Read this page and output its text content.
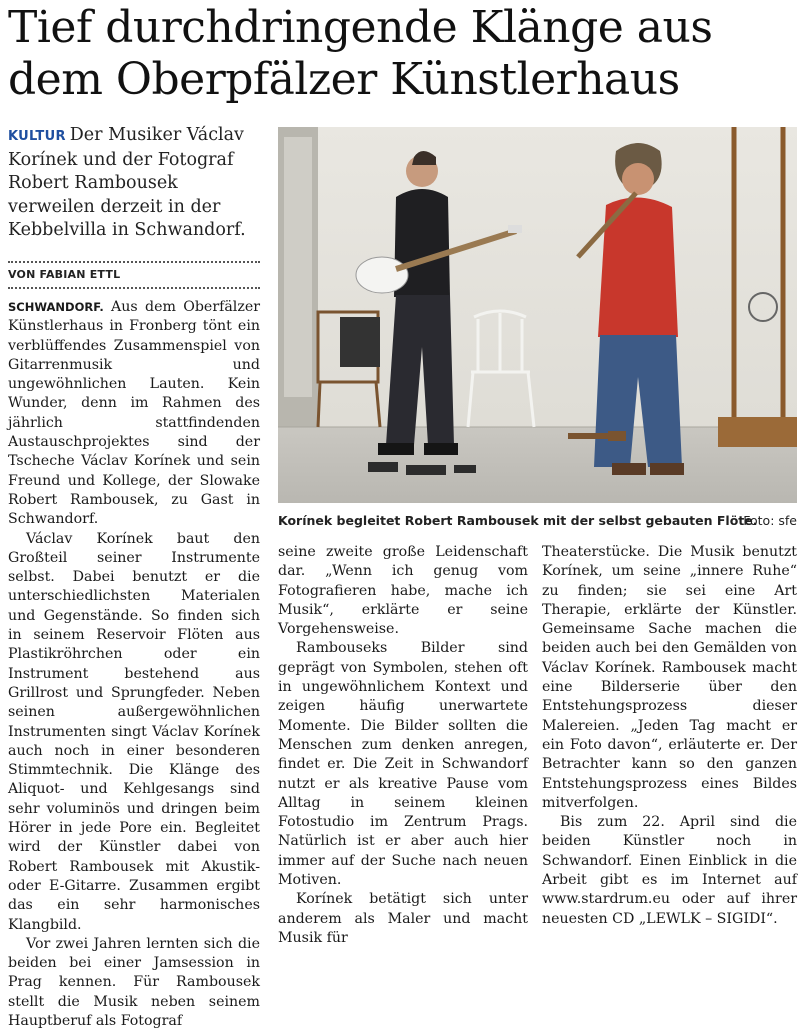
Tief durchdringende Klänge aus
dem Oberpfälzer Künstlerhaus
KULTUR Der Musiker Václav Korínek und der Fotograf Robert Rambousek verweilen derzeit in der Kebbelvilla in Schwandorf.
VON FABIAN ETTL

SCHWANDORF. Aus dem Oberfälzer Künstlerhaus in Fronberg tönt ein verblüffendes Zusammenspiel von Gitarrenmusik und ungewöhnlichen Lauten. Kein Wunder, denn im Rahmen des jährlich stattfindenden Austauschprojektes sind der Tscheche Václav Korínek und sein Freund und Kollege, der Slowake Robert Rambousek, zu Gast in Schwandorf.

Václav Korínek baut den Großteil seiner Instrumente selbst. Dabei benutzt er die unterschiedlichsten Materialen und Gegenstände. So finden sich in seinem Reservoir Flöten aus Plastikröhrchen oder ein Instrument bestehend aus Grillrost und Sprungfeder. Neben seinen außergewöhnlichen Instrumenten singt Václav Korínek auch noch in einer besonderen Stimmtechnik. Die Klänge des Aliquot- und Kehlgesangs sind sehr voluminös und dringen beim Hörer in jede Pore ein. Begleitet wird der Künstler dabei von Robert Rambousek mit Akustik- oder E-Gitarre. Zusammen ergibt das ein sehr harmonisches Klangbild.

Vor zwei Jahren lernten sich die beiden bei einer Jamsession in Prag kennen. Für Rambousek stellt die Musik neben seinem Hauptberuf als Fotograf

Korínek begleitet Robert Rambousek mit der selbst gebauten Flöte.
Foto: sfe

seine zweite große Leidenschaft dar. „Wenn ich genug vom Fotografieren habe, mache ich Musik“, erklärte er seine Vorgehensweise.

Rambouseks Bilder sind geprägt von Symbolen, stehen oft in ungewöhnlichem Kontext und zeigen häufig unerwartete Momente. Die Bilder sollten die Menschen zum denken anregen, findet er. Die Zeit in Schwandorf nutzt er als kreative Pause vom Alltag in seinem kleinen Fotostudio im Zentrum Prags. Natürlich ist er aber auch hier immer auf der Suche nach neuen Motiven.

Korínek betätigt sich unter anderem als Maler und macht Musik für

Theaterstücke. Die Musik benutzt Korínek, um seine „innere Ruhe“ zu finden; sie sei eine Art Therapie, erklärte der Künstler. Gemeinsame Sache machen die beiden auch bei den Gemälden von Václav Korínek. Rambousek macht eine Bilderserie über den Entstehungsprozess dieser Malereien. „Jeden Tag macht er ein Foto davon“, erläuterte er. Der Betrachter kann so den ganzen Entstehungsprozess eines Bildes mitverfolgen.

Bis zum 22. April sind die beiden Künstler noch in Schwandorf. Einen Einblick in die Arbeit gibt es im Internet auf www.stardrum.eu oder auf ihrer neuesten CD „LEWLK – SIGIDI“.
